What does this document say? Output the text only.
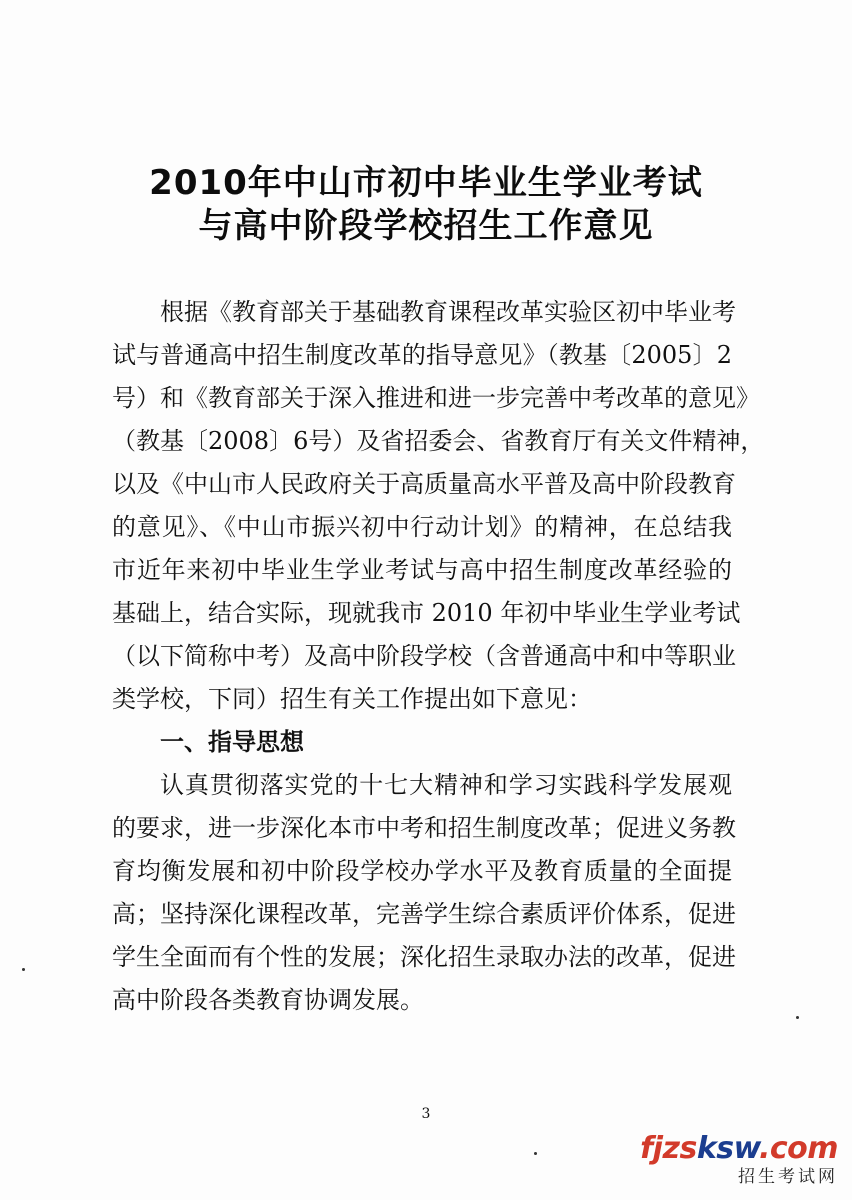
2010年中山市初中毕业生学业考试
与高中阶段学校招生工作意见
根据《教育部关于基础教育课程改革实验区初中毕业考
试与普通高中招生制度改革的指导意见》（教基〔2005〕2
号）和《教育部关于深入推进和进一步完善中考改革的意见》
（教基〔2008〕6号）及省招委会、省教育厅有关文件精神，
以及《中山市人民政府关于高质量高水平普及高中阶段教育
的意见》、《中山市振兴初中行动计划》的精神，在总结我
市近年来初中毕业生学业考试与高中招生制度改革经验的
基础上，结合实际，现就我市 2010 年初中毕业生学业考试
（以下简称中考）及高中阶段学校（含普通高中和中等职业
类学校，下同）招生有关工作提出如下意见：
一、指导思想
认真贯彻落实党的十七大精神和学习实践科学发展观
的要求，进一步深化本市中考和招生制度改革；促进义务教
育均衡发展和初中阶段学校办学水平及教育质量的全面提
高；坚持深化课程改革，完善学生综合素质评价体系，促进
学生全面而有个性的发展；深化招生录取办法的改革，促进
高中阶段各类教育协调发展。
3
fjzsksw.com
招生考试网
